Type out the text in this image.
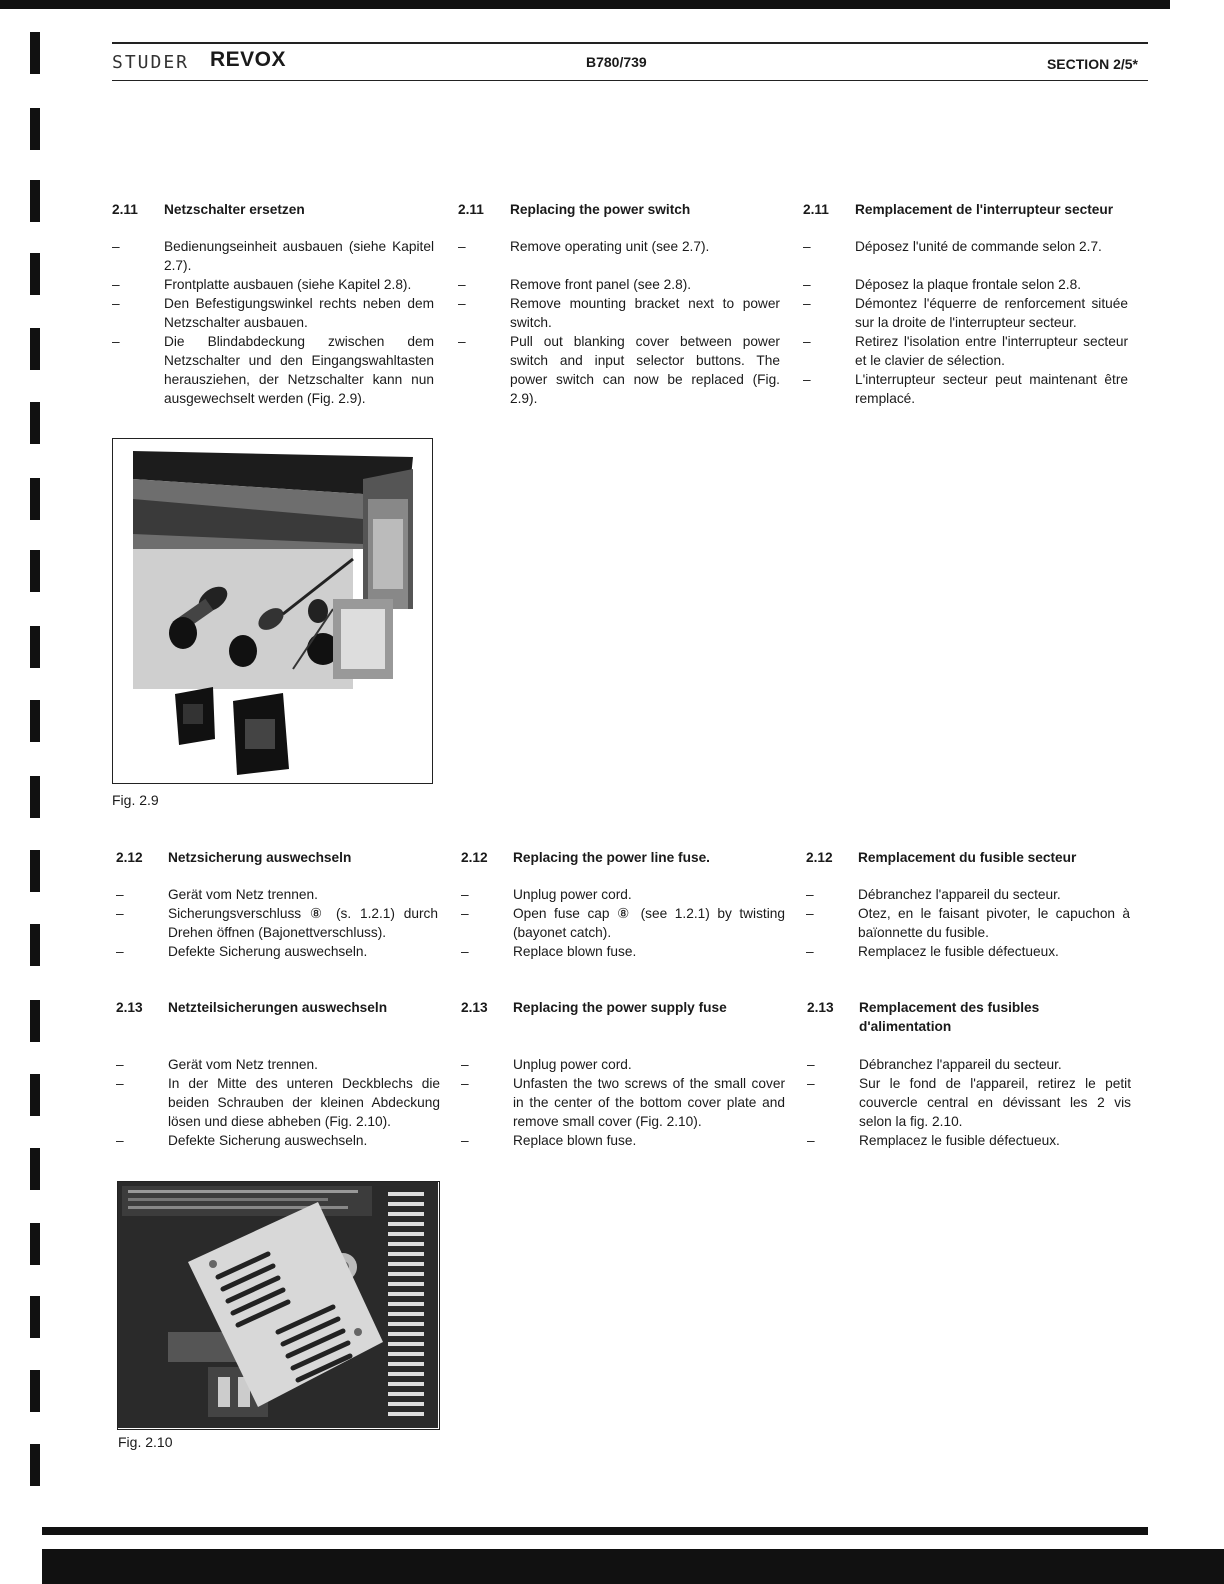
STUDER REVOX	B780/739	SECTION 2/5*
2.11	Netzschalter ersetzen
–	Bedienungseinheit ausbauen (siehe Kapitel 2.7).
–	Frontplatte ausbauen (siehe Kapitel 2.8).
–	Den Befestigungswinkel rechts neben dem Netzschalter ausbauen.
–	Die Blindabdeckung zwischen dem Netzschalter und den Eingangswahltasten herausziehen, der Netzschalter kann nun ausgewechselt werden (Fig. 2.9).
2.11	Replacing the power switch
–	Remove operating unit (see 2.7).
–	Remove front panel (see 2.8).
–	Remove mounting bracket next to power switch.
–	Pull out blanking cover between power switch and input selector buttons. The power switch can now be replaced (Fig. 2.9).
2.11	Remplacement de l'interrupteur secteur
–	Déposez l'unité de commande selon 2.7.
–	Déposez la plaque frontale selon 2.8.
–	Démontez l'équerre de renforcement située sur la droite de l'interrupteur secteur.
–	Retirez l'isolation entre l'interrupteur secteur et le clavier de sélection.
–	L'interrupteur secteur peut maintenant être remplacé.
Fig. 2.9
2.12	Netzsicherung auswechseln
–	Gerät vom Netz trennen.
–	Sicherungsverschluss ⑧ (s. 1.2.1) durch Drehen öffnen (Bajonettverschluss).
–	Defekte Sicherung auswechseln.
2.12	Replacing the power line fuse.
–	Unplug power cord.
–	Open fuse cap ⑧ (see 1.2.1) by twisting (bayonet catch).
–	Replace blown fuse.
2.12	Remplacement du fusible secteur
–	Débranchez l'appareil du secteur.
–	Otez, en le faisant pivoter, le capuchon à baïonnette du fusible.
–	Remplacez le fusible défectueux.
2.13	Netzteilsicherungen auswechseln
–	Gerät vom Netz trennen.
–	In der Mitte des unteren Deckblechs die beiden Schrauben der kleinen Abdeckung lösen und diese abheben (Fig. 2.10).
–	Defekte Sicherung auswechseln.
2.13	Replacing the power supply fuse
–	Unplug power cord.
–	Unfasten the two screws of the small cover in the center of the bottom cover plate and remove small cover (Fig. 2.10).
–	Replace blown fuse.
2.13	Remplacement des fusibles d'alimentation
–	Débranchez l'appareil du secteur.
–	Sur le fond de l'appareil, retirez le petit couvercle central en dévissant les 2 vis selon la fig. 2.10.
–	Remplacez le fusible défectueux.
Fig. 2.10
